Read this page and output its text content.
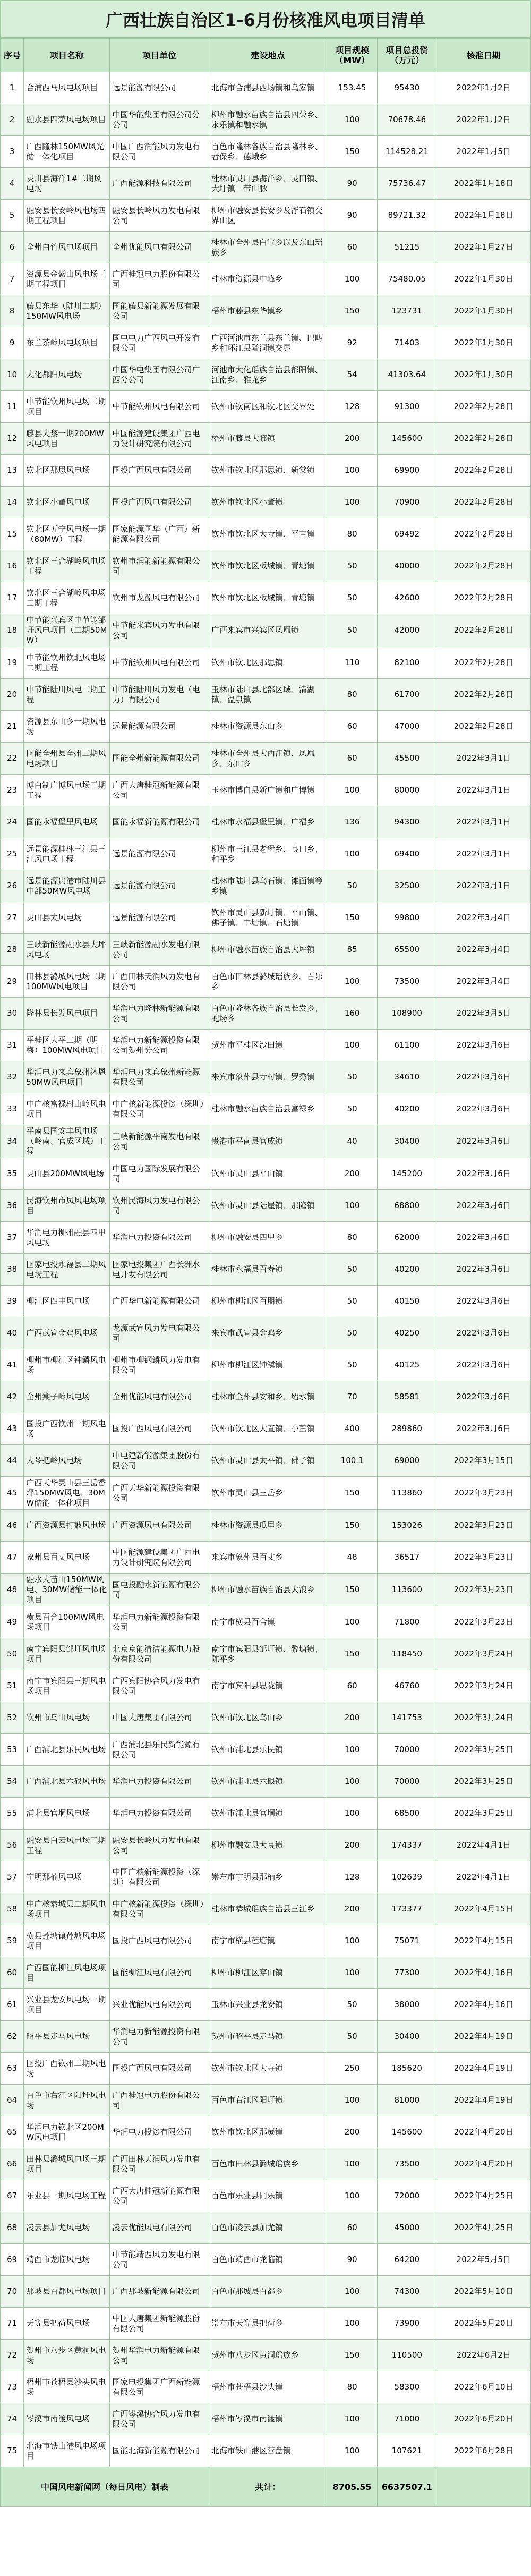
广西壮族自治区1-6月份核准风电项目清单
序号	项目名称	项目单位	建设地点	项目规模（MW）	项目总投资（万元）	核准日期
1	合浦西马风电场项目	远景能源有限公司	北海市合浦县西场镇和乌家镇	153.45	95430	2022年1月2日
2	融水县四荣风电场项目	中国华能集团有限公司分公司	柳州市融水苗族自治县四荣乡、永乐镇和融水镇	100	70678.46	2022年1月2日
3	广西隆林150MW风光储一体化项目	中国广西润能风力发电有限公司	百色市隆林各族自治县隆林乡、者保乡、德峨乡	150	114528.21	2022年1月5日
4	灵川县海洋1#二期风电场	广西能源科技有限公司	桂林市灵川县海洋乡、灵田镇、大圩镇一带山脉	90	75736.47	2022年1月18日
5	融安县长安岭风电场四期工程项目	融安县长岭风力发电有限公司	柳州市融安县长安乡及浮石镇交界山区	90	89721.32	2022年1月18日
6	全州白竹风电场项目	全州优能风电有限公司	桂林市全州县白宝乡以及东山瑶族乡	60	51215	2022年1月27日
7	资源县金紫山风电场三期工程项目	广西桂冠电力股份有限公司	桂林市资源县中峰乡	100	75480.05	2022年1月30日
8	藤县东华（陆川二期）150MW风电场	国能藤县新能源发展有限公司	梧州市藤县东华镇乡	150	123731	2022年1月30日
9	东兰茶岭风电场项目	国电电力广西风电开发有限公司	广西河池市东兰县东兰镇、巴畴乡和环江县隘洞镇交界	92	71403	2022年1月30日
10	大化都阳风电场	中国华电集团有限公司广西分公司	河池市大化瑶族自治县都阳镇、江南乡、雅龙乡	54	41303.64	2022年1月30日
11	中节能钦州风电场二期项目	中节能钦州风电有限公司	钦州市钦南区和钦北区交界处	128	91300	2022年2月28日
12	藤县大黎一期200MW风电项目	中国能源建设集团广西电力设计研究院有限公司	梧州市藤县大黎镇	200	145600	2022年2月28日
13	钦北区那思风电场	国投广西风电有限公司	钦州市钦北区那思镇、新棠镇	100	69900	2022年2月28日
14	钦北区小董风电场	国投广西风电有限公司	钦州市钦北区小董镇	100	70900	2022年2月28日
15	钦北区五宁风电场一期（80MW）工程	国家能源国华（广西）新能源有限公司	钦州市钦北区大寺镇、平吉镇	80	69492	2022年2月28日
16	钦北区三合湖岭风电场工程	钦州市润能新能源有限公司	钦州市钦北区板城镇、青塘镇	50	40000	2022年2月28日
17	钦北区三合湖岭风电场二期工程	钦州市龙源风电有限公司	钦州市钦北区板城镇、青塘镇	50	42600	2022年2月28日
18	中节能兴宾区中节能邹圩风电项目（二期50MW）	中节能来宾风力发电有限公司	广西来宾市兴宾区凤凰镇	50	42000	2022年2月28日
19	中节能钦州钦北风电场二期工程	中节能钦州风电有限公司	钦州市钦北区那思镇	110	82100	2022年2月28日
20	中节能陆川风电二期工程	中节能陆川风力发电（电力）有限公司	玉林市陆川县北部区域、清湖镇、温泉镇	80	61700	2022年2月28日
21	资源县东山乡一期风电场	远景能源有限公司	桂林市资源县东山乡	60	47000	2022年2月28日
22	国能全州县全州二期风电场项目	国能全州新能源有限公司	桂林市全州县大西江镇、凤凰乡、东山乡	60	45500	2022年3月1日
23	博白制广博风电场三期工程	广西大唐桂冠新能源有限公司	玉林市博白县新广镇和广博镇	100	80000	2022年3月1日
24	国能永福堡里风电场	国能永福新能源有限公司	桂林市永福县堡里镇、广福乡	136	94300	2022年3月1日
25	远景能源桂林三江县三江风电场工程	远景能源有限公司	柳州市三江县老堡乡、良口乡、和平乡	100	69400	2022年3月1日
26	远景能源贵港市陆川县中部50MW风电场	远景能源有限公司	桂林市陆川县乌石镇、滩面镇等乡镇	50	32500	2022年3月1日
27	灵山县太风电场	远景能源有限公司	钦州市灵山县新圩镇、平山镇、佛子镇、丰塘镇、石塘镇	150	99800	2022年3月4日
28	三峡新能源融水县大坪风电场	三峡新能源融水发电有限公司	柳州市融水苗族自治县大坪镇	85	65500	2022年3月4日
29	田林县潞城风电场二期100MW风电项目	广西田林天润风力发电有限公司	百色市田林县潞城瑶族乡、百乐乡	100	73500	2022年3月4日
30	隆林县长发风电项目	华润电力隆林新能源有限公司	百色市隆林各族自治县长发乡、蛇场乡	160	108900	2022年3月5日
31	平桂区大平二期（明梅）100MW风电项目	华润电力新能源投资有限公司贺州分公司	贺州市平桂区沙田镇	100	61100	2022年3月6日
32	华润电力来宾象州沐恩50MW风电项目	华润电力来宾象州新能源有限公司	来宾市象州县寺村镇、罗秀镇	50	34610	2022年3月6日
33	中广核富禄村山岭风电项目	中广核新能源投资（深圳）有限公司	桂林市融水苗族自治县富禄乡	50	40200	2022年3月6日
34	平南县国安丰风电场（岭南、官成区域）工程	三峡新能源平南发电有限公司	贵港市平南县官成镇	40	30400	2022年3月6日
35	灵山县200MW风电场	中国电力国际发展有限公司	钦州市灵山县平山镇	200	145200	2022年3月6日
36	民海钦州市凤风电场项目	钦州民海风力发电有限公司	钦州市灵山县陆屋镇、那隆镇	100	68800	2022年3月6日
37	华润电力柳州融县四甲风电场	华润电力投资有限公司	柳州市融安县四甲乡	80	62000	2022年3月6日
38	国家电投永福县二期风电场工程	国家电投集团广西长洲水电开发有限公司	桂林市永福县百寿镇	50	40200	2022年3月6日
39	柳江区四中风电场	广西华电新能源有限公司	柳州市柳江区百朋镇	50	40150	2022年3月6日
40	广西武宣金鸡风电场	龙源武宣风力发电有限公司	来宾市武宣县金鸡乡	50	40250	2022年3月6日
41	柳州市柳江区钟鳞风电场	柳州市柳钢鳞风力发电有限公司	柳州市柳江区钟鳞镇	50	40125	2022年3月6日
42	全州棠子岭风电场	全州优能风电有限公司	桂林市全州县安和乡、绍水镇	70	58581	2022年3月6日
43	国投广西钦州一期风电场	国投广西风电有限公司	钦州市钦北区大直镇、小董镇	400	289860	2022年3月6日
44	大琴把岭风电场	中电建新能源集团股份有限公司	钦州市灵山县太平镇、佛子镇	100.1	69000	2022年3月15日
45	广西天华灵山县三岳香坪150MW风电、30MW储能一体化项目	广西天华新能源投资有限公司	钦州市灵山县三岳乡	150	113860	2022年3月23日
46	广西资源县打鼓风电场	广西资源风电有限公司	桂林市资源县瓜里乡	150	153026	2022年3月23日
47	象州县百丈风电场	中国能源建设集团广西电力设计研究院有限公司	来宾市象州县百丈乡	48	36517	2022年3月23日
48	融水大苗山150MW风电、30MW储能一体化项目	国电投融水新能源有限公司	柳州市融水苗族自治县大浪乡	150	113600	2022年3月23日
49	横县百合100MW风电场项目	华润电力新能源投资有限公司	南宁市横县百合镇	100	71800	2022年3月23日
50	南宁宾阳县邹圩风电场项目	北京京能清洁能源电力股份有限公司	南宁市宾阳县邹圩镇、黎塘镇、陈平乡	150	118450	2022年3月24日
51	南宁市宾阳县三期风电场项目	广西宾阳协合风力发电有限公司	南宁市宾阳县思陇镇	60	46760	2022年3月24日
52	钦州市乌山风电场	中国大唐集团有限公司	钦州市钦北区乌山乡	200	141753	2022年3月24日
53	广西浦北县乐民风电场	广西浦北县乐民新能源有限公司	钦州市浦北县乐民镇	100	70000	2022年3月25日
54	广西浦北县六硍风电场	华润电力投资有限公司	钦州市浦北县六硍镇	100	70000	2022年3月25日
55	浦北县官垌风电场	华润电力投资有限公司	钦州市浦北县官垌镇	100	68500	2022年3月25日
56	融安县白云风电场三期工程	融安县长岭风力发电有限公司	柳州市融安县大良镇	200	174337	2022年4月1日
57	宁明那楠风电场	中国广核新能源投资（深圳）有限公司	崇左市宁明县那楠乡	128	102639	2022年4月1日
58	中广核恭城县二期风电场项目	中广核新能源投资（深圳）有限公司	桂林市恭城瑶族自治县三江乡	200	173377	2022年4月15日
59	横县莲塘镇莲塘风电场项目	国投广西风电有限公司	南宁市横县莲塘镇	100	75071	2022年4月15日
60	广西国能柳江风电场项目	国能柳江风电有限公司	柳州市柳江区穿山镇	100	77300	2022年4月16日
61	兴业县龙安风电场一期项目	兴业优能风电有限公司	玉林市兴业县龙安镇	50	38000	2022年4月16日
62	昭平县走马风电场	华润电力新能源投资有限公司	贺州市昭平县走马镇	50	30400	2022年4月19日
63	国投广西钦州二期风电场	国投广西风电有限公司	钦州市钦北区大寺镇	250	185620	2022年4月19日
64	百色市右江区阳圩风电场	广西桂冠电力股份有限公司	百色市右江区阳圩镇	100	81000	2022年4月19日
65	华润电力钦北区200MW风电项目	华润电力投资有限公司	钦州市钦北区那蒙镇	200	145600	2022年4月20日
66	田林县潞城风电场三期项目	广西田林天润风力发电有限公司	百色市田林县潞城瑶族乡	100	73500	2022年4月20日
67	乐业县一期风电场工程	广西大唐桂冠新能源有限公司	百色市乐业县同乐镇	100	72000	2022年4月25日
68	凌云县加尤风电场	凌云优能风电有限公司	百色市凌云县加尤镇	60	45000	2022年4月25日
69	靖西市龙临风电场	中节能靖西风力发电有限公司	百色市靖西市龙临镇	90	64200	2022年5月5日
70	那坡县百都风电场项目	广西那坡新能源有限公司	百色市那坡县百都乡	100	74300	2022年5月10日
71	天等县把荷风电场	中国大唐集团新能源股份有限公司	崇左市天等县把荷乡	100	73900	2022年5月20日
72	贺州市八步区黄洞风电场	贺州华润电力新能源有限公司	贺州市八步区黄洞瑶族乡	150	110500	2022年6月2日
73	梧州市苍梧县沙头风电场	国家电投集团广西新能源有限公司	梧州市苍梧县沙头镇	80	58300	2022年6月10日
74	岑溪市南渡风电场	广西岑溪协合风力发电有限公司	梧州市岑溪市南渡镇	100	71000	2022年6月20日
75	北海市铁山港风电场项目	国能北海新能源有限公司	北海市铁山港区营盘镇	100	107621	2022年6月28日
中国风电新闻网（每日风电）制表			共计：	8705.55	6637507.1	
